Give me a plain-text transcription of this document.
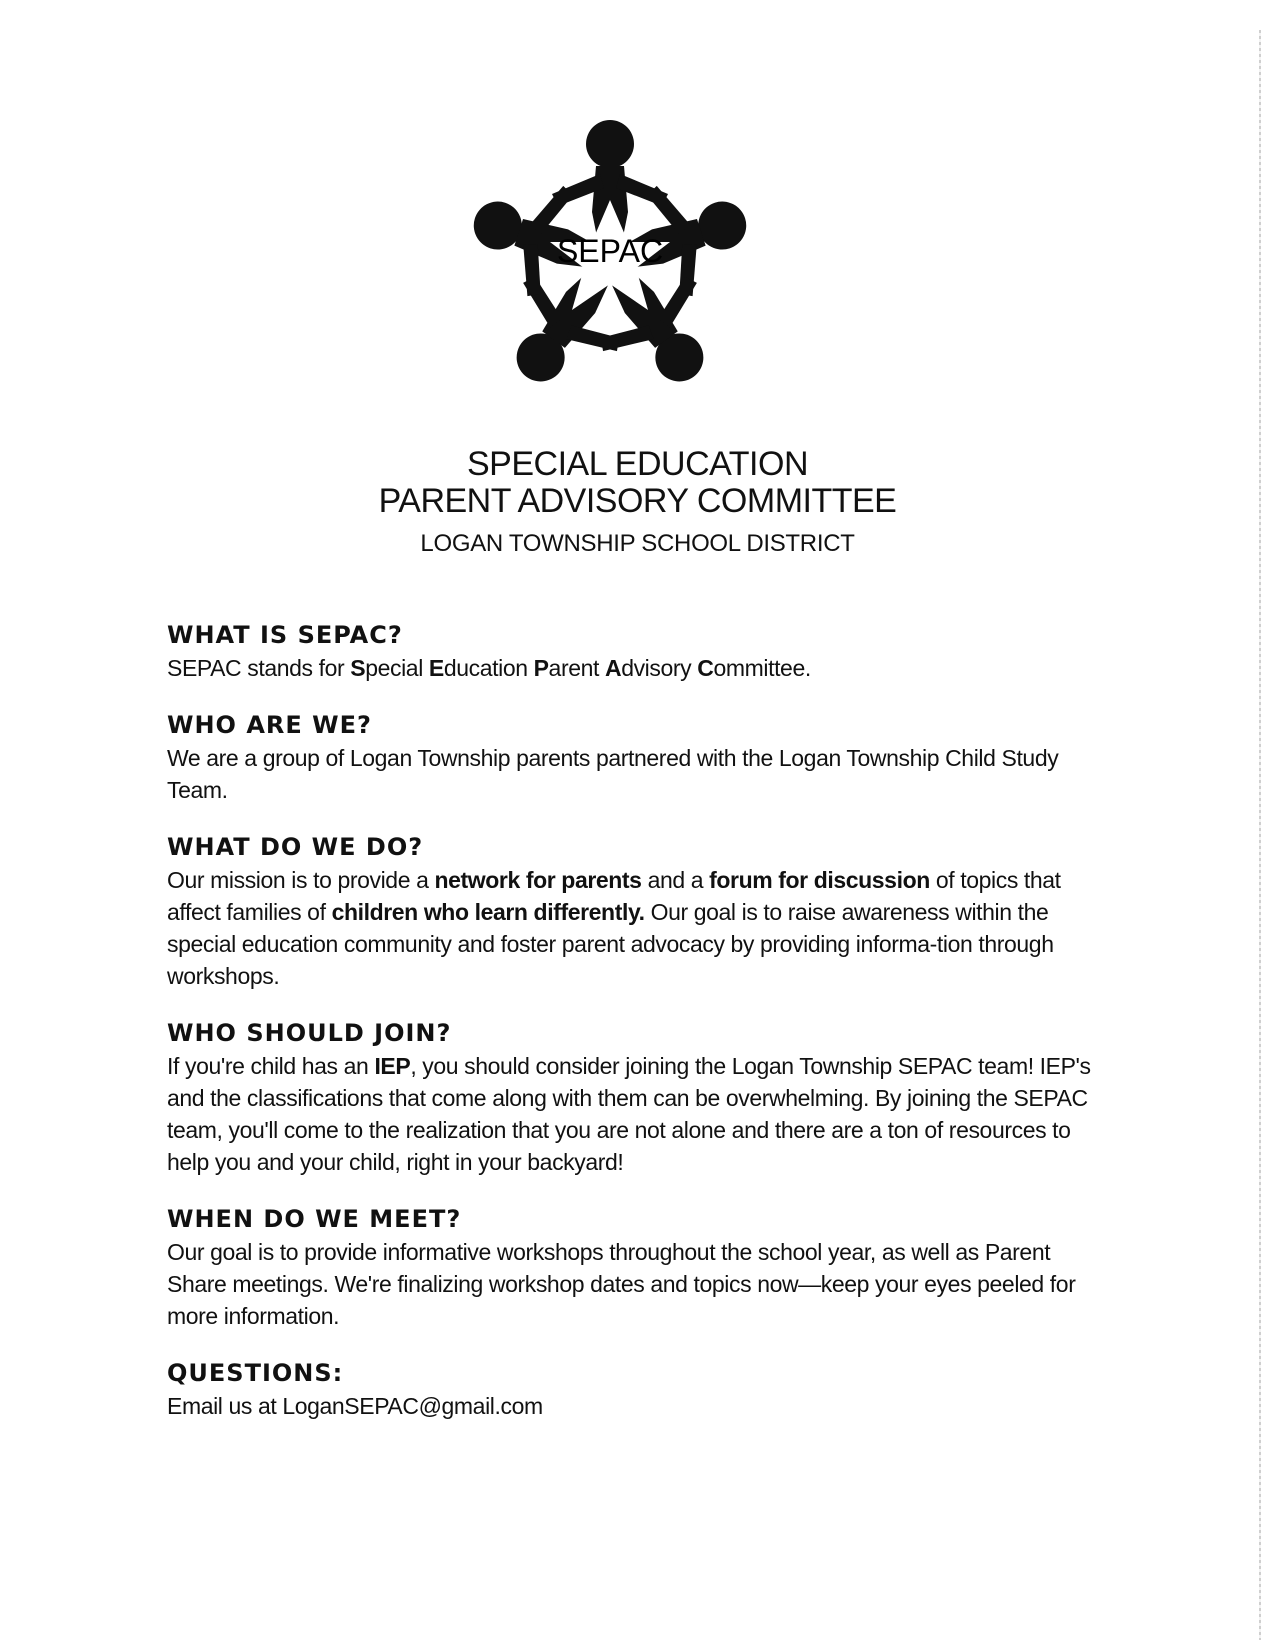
SEPAC
SPECIAL EDUCATION
PARENT ADVISORY COMMITTEE
LOGAN TOWNSHIP SCHOOL DISTRICT
WHAT IS SEPAC?

SEPAC stands for Special Education Parent Advisory Committee.

WHO ARE WE?

We are a group of Logan Township parents partnered with the Logan Township Child Study Team.

WHAT DO WE DO?

Our mission is to provide a network for parents and a forum for discussion of topics that affect families of children who learn differently. Our goal is to raise awareness within the special education community and foster parent advocacy by providing informa-tion through workshops.

WHO SHOULD JOIN?

If you're child has an IEP, you should consider joining the Logan Township SEPAC team! IEP's and the classifications that come along with them can be overwhelming. By joining the SEPAC team, you'll come to the realization that you are not alone and there are a ton of resources to help you and your child, right in your backyard!

WHEN DO WE MEET?

Our goal is to provide informative workshops throughout the school year, as well as Parent Share meetings. We're finalizing workshop dates and topics now—keep your eyes peeled for more information.

QUESTIONS:

Email us at LoganSEPAC@gmail.com
